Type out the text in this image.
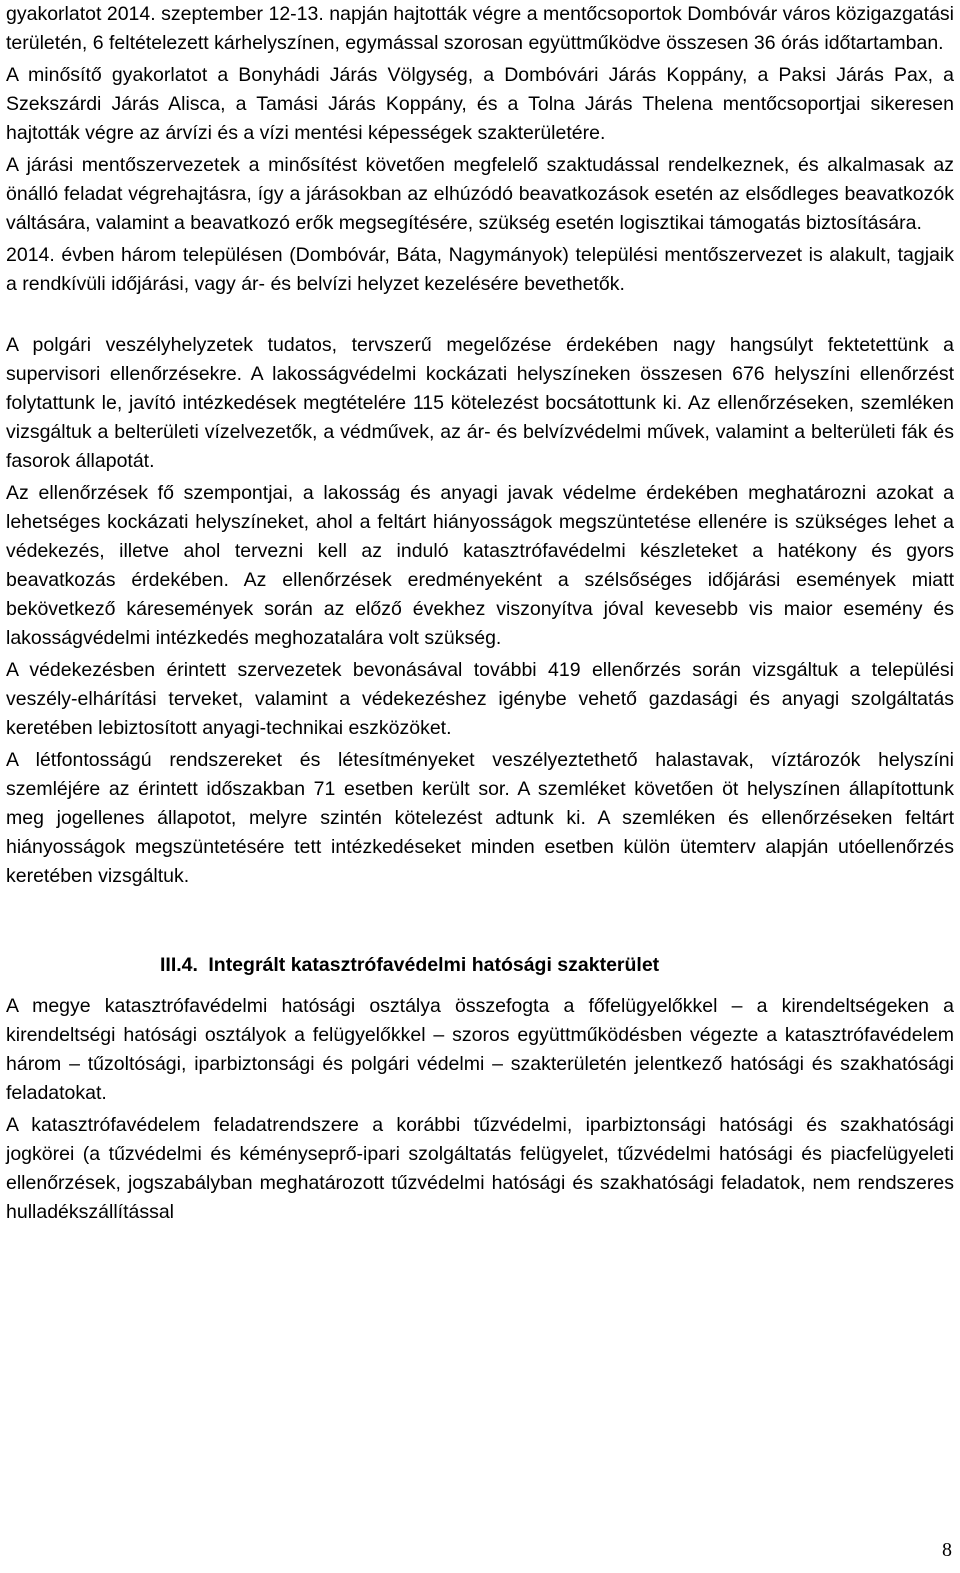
gyakorlatot 2014. szeptember 12-13. napján hajtották végre a mentőcsoportok Dombóvár város közigazgatási területén, 6 feltételezett kárhelyszínen, egymással szorosan együttműködve összesen 36 órás időtartamban.

A minősítő gyakorlatot a Bonyhádi Járás Völgység, a Dombóvári Járás Koppány, a Paksi Járás Pax, a Szekszárdi Járás Alisca, a Tamási Járás Koppány, és a Tolna Járás Thelena mentőcsoportjai sikeresen hajtották végre az árvízi és a vízi mentési képességek szakterületére.

A járási mentőszervezetek a minősítést követően megfelelő szaktudással rendelkeznek, és alkalmasak az önálló feladat végrehajtásra, így a járásokban az elhúzódó beavatkozások esetén az elsődleges beavatkozók váltására, valamint a beavatkozó erők megsegítésére, szükség esetén logisztikai támogatás biztosítására.

2014. évben három településen (Dombóvár, Báta, Nagymányok) települési mentőszervezet is alakult, tagjaik a rendkívüli időjárási, vagy ár- és belvízi helyzet kezelésére bevethetők.

A polgári veszélyhelyzetek tudatos, tervszerű megelőzése érdekében nagy hangsúlyt fektetettünk a supervisori ellenőrzésekre. A lakosságvédelmi kockázati helyszíneken összesen 676 helyszíni ellenőrzést folytattunk le, javító intézkedések megtételére 115 kötelezést bocsátottunk ki. Az ellenőrzéseken, szemléken vizsgáltuk a belterületi vízelvezetők, a védművek, az ár- és belvízvédelmi művek, valamint a belterületi fák és fasorok állapotát.

Az ellenőrzések fő szempontjai, a lakosság és anyagi javak védelme érdekében meghatározni azokat a lehetséges kockázati helyszíneket, ahol a feltárt hiányosságok megszüntetése ellenére is szükséges lehet a védekezés, illetve ahol tervezni kell az induló katasztrófavédelmi készleteket a hatékony és gyors beavatkozás érdekében. Az ellenőrzések eredményeként a szélsőséges időjárási események miatt bekövetkező káresemények során az előző évekhez viszonyítva jóval kevesebb vis maior esemény és lakosságvédelmi intézkedés meghozatalára volt szükség.

A védekezésben érintett szervezetek bevonásával további 419 ellenőrzés során vizsgáltuk a települési veszély-elhárítási terveket, valamint a védekezéshez igénybe vehető gazdasági és anyagi szolgáltatás keretében lebiztosított anyagi-technikai eszközöket.

A létfontosságú rendszereket és létesítményeket veszélyeztethető halastavak, víztározók helyszíni szemléjére az érintett időszakban 71 esetben került sor. A szemléket követően öt helyszínen állapítottunk meg jogellenes állapotot, melyre szintén kötelezést adtunk ki. A szemléken és ellenőrzéseken feltárt hiányosságok megszüntetésére tett intézkedéseket minden esetben külön ütemterv alapján utóellenőrzés keretében vizsgáltuk.

III.4. Integrált katasztrófavédelmi hatósági szakterület

A megye katasztrófavédelmi hatósági osztálya összefogta a főfelügyelőkkel – a kirendeltségeken a kirendeltségi hatósági osztályok a felügyelőkkel – szoros együttműködésben végezte a katasztrófavédelem három – tűzoltósági, iparbiztonsági és polgári védelmi – szakterületén jelentkező hatósági és szakhatósági feladatokat.

A katasztrófavédelem feladatrendszere a korábbi tűzvédelmi, iparbiztonsági hatósági és szakhatósági jogkörei (a tűzvédelmi és kéményseprő-ipari szolgáltatás felügyelet, tűzvédelmi hatósági és piacfelügyeleti ellenőrzések, jogszabályban meghatározott tűzvédelmi hatósági és szakhatósági feladatok, nem rendszeres hulladékszállítással

8
